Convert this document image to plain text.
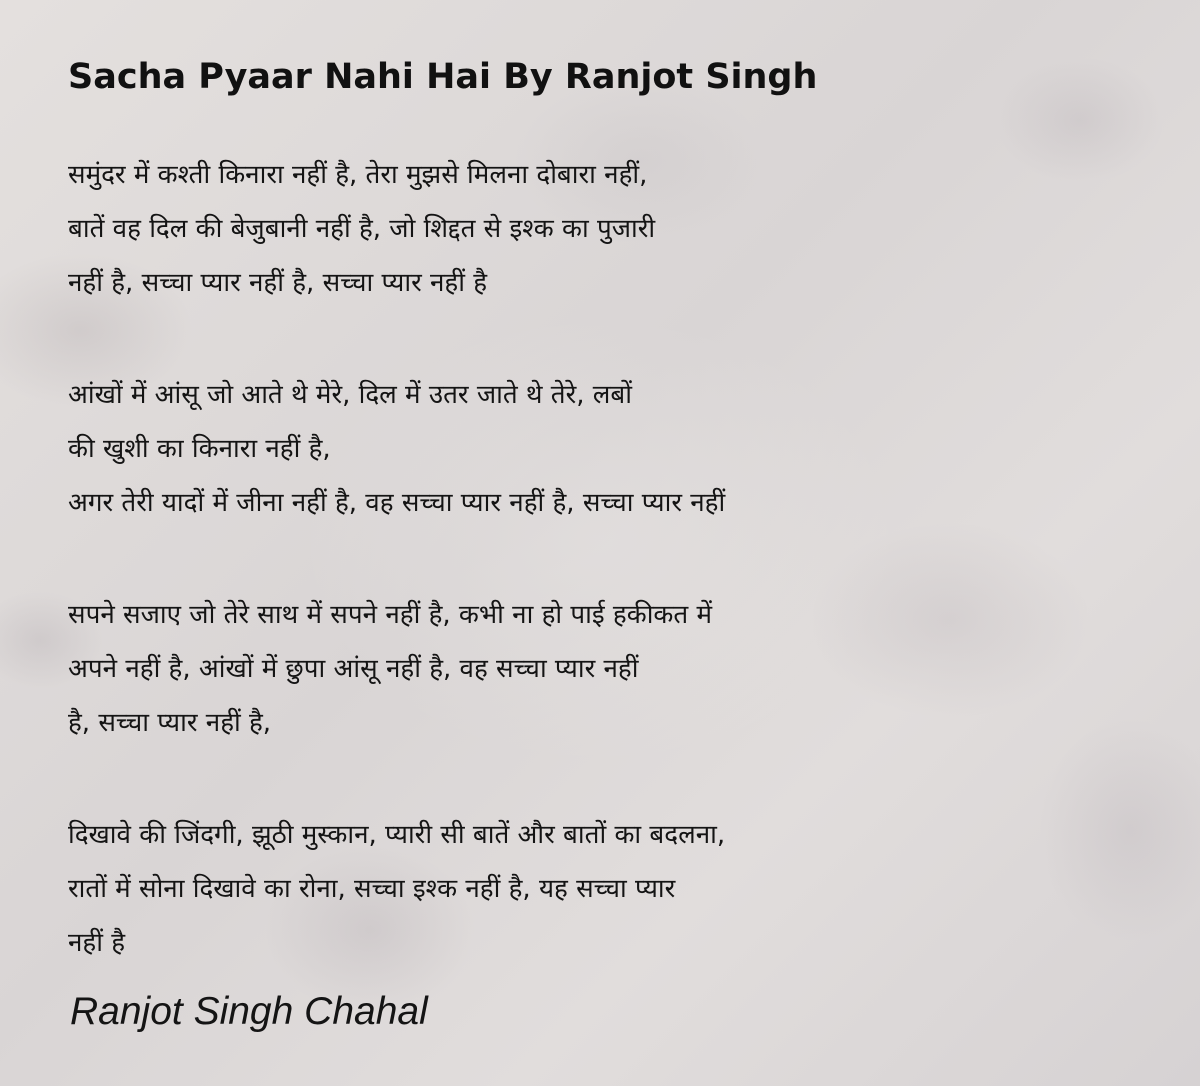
Sacha Pyaar Nahi Hai By Ranjot Singh
समुंदर में कश्ती किनारा नहीं है, तेरा मुझसे मिलना दोबारा नहीं,
बातें वह दिल की बेजुबानी नहीं है, जो शिद्दत से इश्क का पुजारी
नहीं है, सच्चा प्यार नहीं है, सच्चा प्यार नहीं है
आंखों में आंसू जो आते थे मेरे, दिल में उतर जाते थे तेरे, लबों
की खुशी का किनारा नहीं है,
अगर तेरी यादों में जीना नहीं है, वह सच्चा प्यार नहीं है, सच्चा प्यार नहीं
सपने सजाए जो तेरे साथ में सपने नहीं है, कभी ना हो पाई हकीकत में
अपने नहीं है, आंखों में छुपा आंसू नहीं है, वह सच्चा प्यार नहीं
है, सच्चा प्यार नहीं है,
दिखावे की जिंदगी, झूठी मुस्कान, प्यारी सी बातें और बातों का बदलना,
रातों में सोना दिखावे का रोना, सच्चा इश्क नहीं है, यह सच्चा प्यार
नहीं है

Ranjot Singh Chahal
